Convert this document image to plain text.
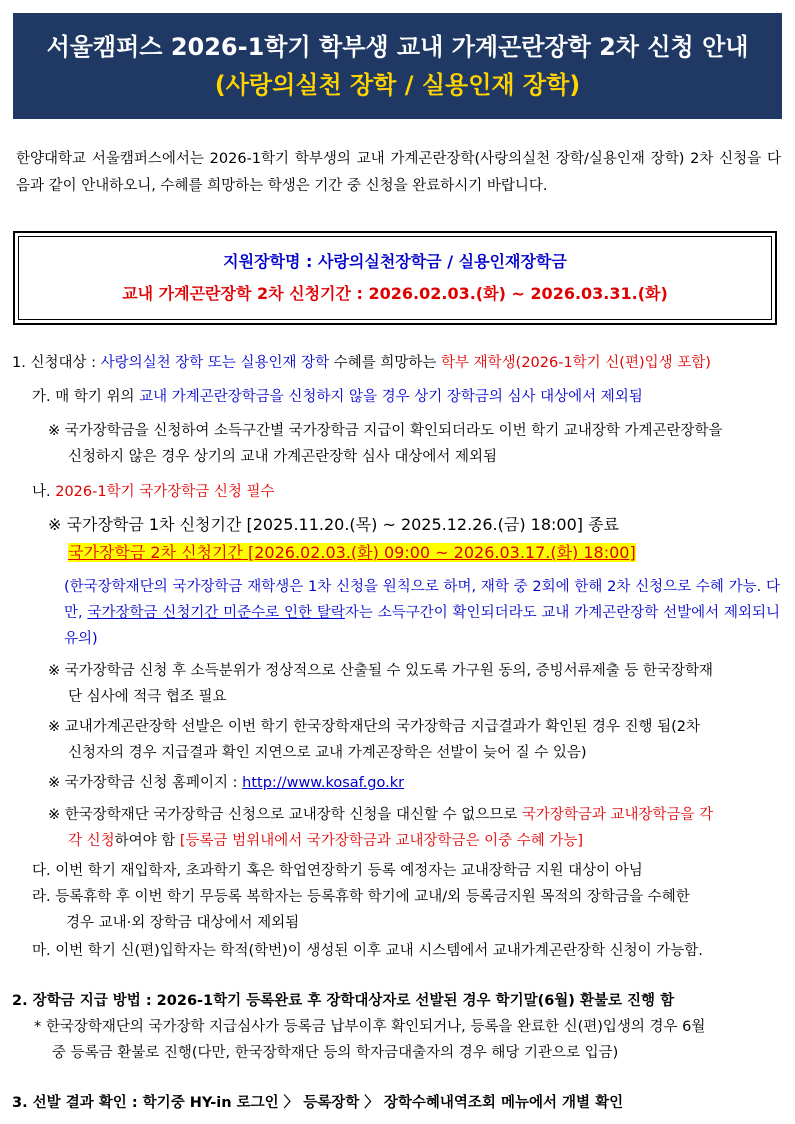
서울캠퍼스 2026-1학기 학부생 교내 가계곤란장학 2차 신청 안내
(사랑의실천 장학 / 실용인재 장학)
한양대학교 서울캠퍼스에서는 2026-1학기 학부생의 교내 가계곤란장학(사랑의실천 장학/실용인재 장학) 2차 신청을 다음과 같이 안내하오니, 수혜를 희망하는 학생은 기간 중 신청을 완료하시기 바랍니다.
지원장학명 : 사랑의실천장학금 / 실용인재장학금
교내 가계곤란장학 2차 신청기간 : 2026.02.03.(화) ~ 2026.03.31.(화)
1. 신청대상 : 사랑의실천 장학 또는 실용인재 장학 수혜를 희망하는 학부 재학생(2026-1학기 신(편)입생 포함)
가. 매 학기 위의 교내 가계곤란장학금을 신청하지 않을 경우 상기 장학금의 심사 대상에서 제외됨
※ 국가장학금을 신청하여 소득구간별 국가장학금 지급이 확인되더라도 이번 학기 교내장학 가계곤란장학을
신청하지 않은 경우 상기의 교내 가계곤란장학 심사 대상에서 제외됨
나. 2026-1학기 국가장학금 신청 필수
※ 국가장학금 1차 신청기간 [2025.11.20.(목) ~ 2025.12.26.(금) 18:00] 종료
국가장학금 2차 신청기간 [2026.02.03.(화) 09:00 ~ 2026.03.17.(화) 18:00]
(한국장학재단의 국가장학금 재학생은 1차 신청을 원칙으로 하며, 재학 중 2회에 한해 2차 신청으로 수혜 가능. 다만, 국가장학금 신청기간 미준수로 인한 탈락자는 소득구간이 확인되더라도 교내 가계곤란장학 선발에서 제외되니 유의)
※ 국가장학금 신청 후 소득분위가 정상적으로 산출될 수 있도록 가구원 동의, 증빙서류제출 등 한국장학재
단 심사에 적극 협조 필요
※ 교내가계곤란장학 선발은 이번 학기 한국장학재단의 국가장학금 지급결과가 확인된 경우 진행 됨(2차
신청자의 경우 지급결과 확인 지연으로 교내 가계곤장학은 선발이 늦어 질 수 있음)
※ 국가장학금 신청 홈페이지 : http://www.kosaf.go.kr
※ 한국장학재단 국가장학금 신청으로 교내장학 신청을 대신할 수 없으므로 국가장학금과 교내장학금을 각
각 신청하여야 함 [등록금 범위내에서 국가장학금과 교내장학금은 이중 수혜 가능]
다. 이번 학기 재입학자, 초과학기 혹은 학업연장학기 등록 예정자는 교내장학금 지원 대상이 아님
라. 등록휴학 후 이번 학기 무등록 복학자는 등록휴학 학기에 교내/외 등록금지원 목적의 장학금을 수혜한
경우 교내·외 장학금 대상에서 제외됨
마. 이번 학기 신(편)입학자는 학적(학번)이 생성된 이후 교내 시스템에서 교내가계곤란장학 신청이 가능함.
2. 장학금 지급 방법 : 2026-1학기 등록완료 후 장학대상자로 선발된 경우 학기말(6월) 환불로 진행 함
* 한국장학재단의 국가장학 지급심사가 등록금 납부이후 확인되거나, 등록을 완료한 신(편)입생의 경우 6월
중 등록금 환불로 진행(다만, 한국장학재단 등의 학자금대출자의 경우 해당 기관으로 입금)
3. 선발 결과 확인 : 학기중 HY-in 로그인 〉 등록장학 〉 장학수혜내역조회 메뉴에서 개별 확인
